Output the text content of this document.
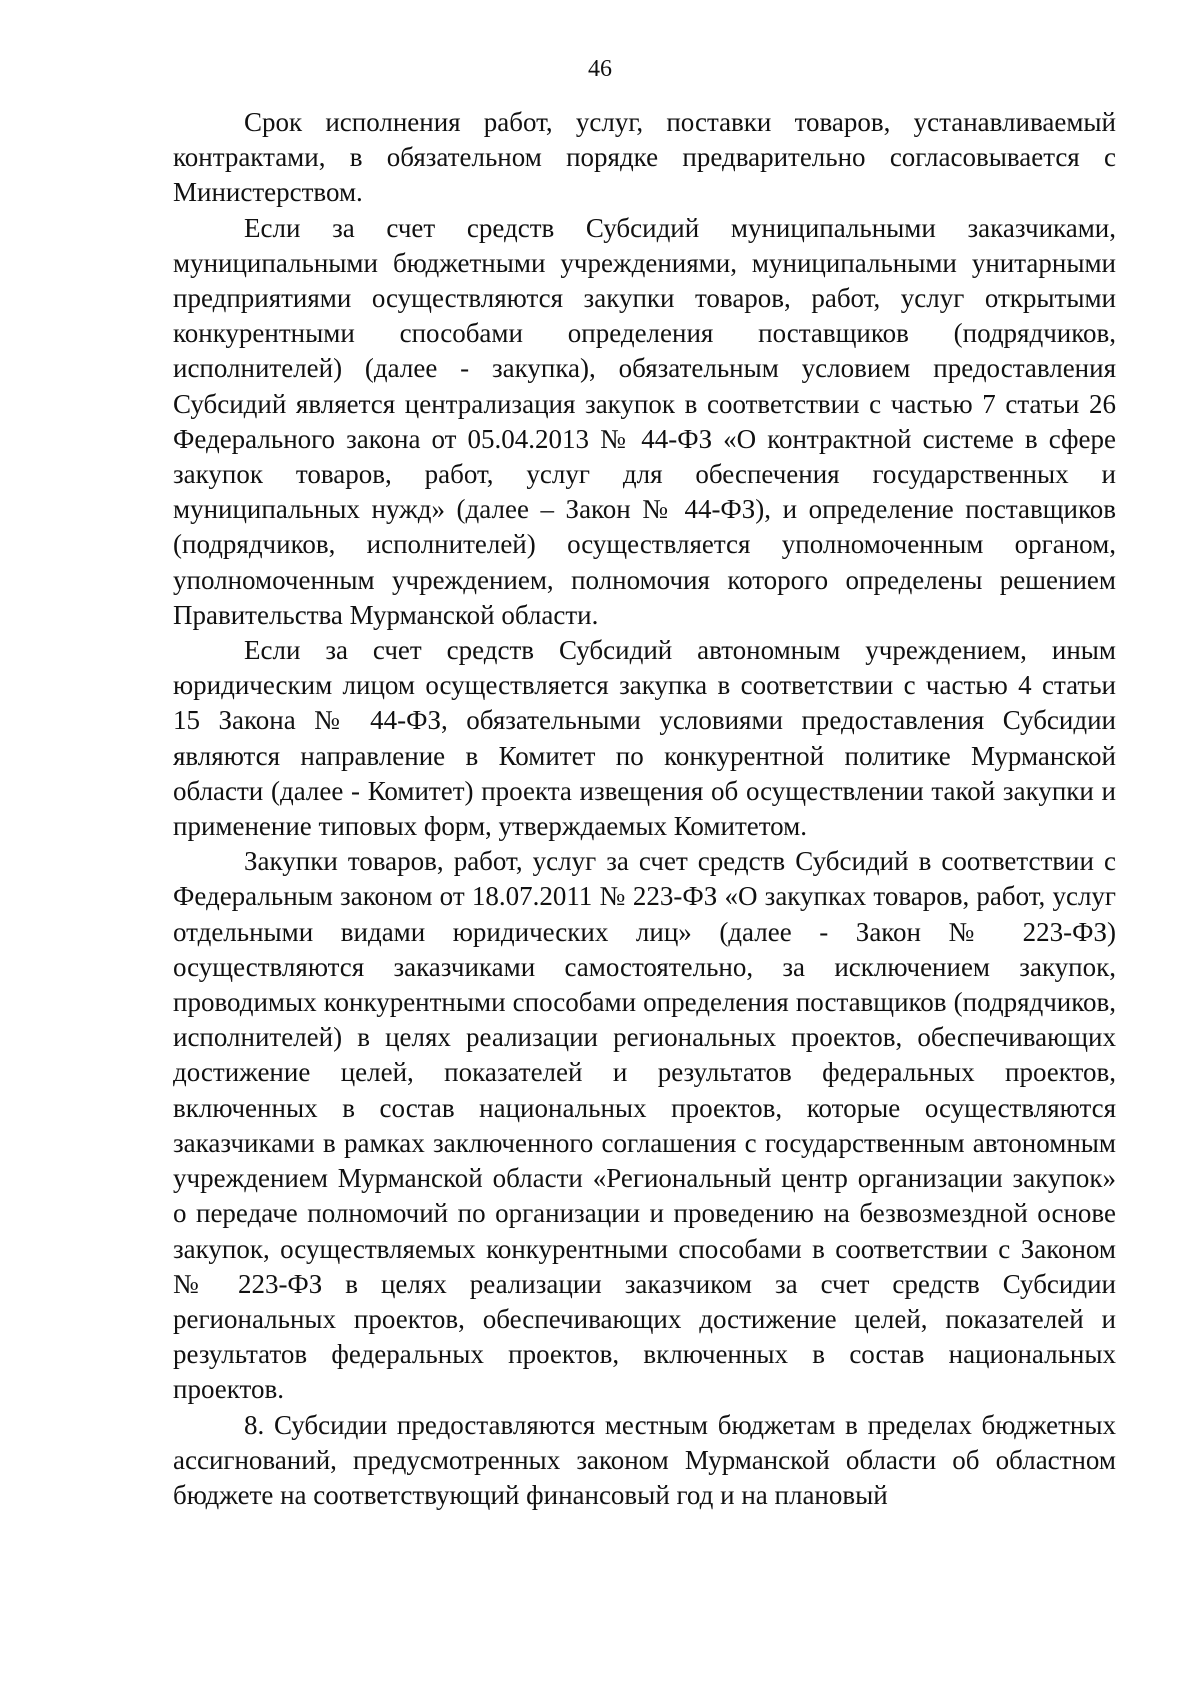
46

Срок исполнения работ, услуг, поставки товаров, устанавливаемый контрактами, в обязательном порядке предварительно согласовывается с Министерством.

Если за счет средств Субсидий муниципальными заказчиками, муниципальными бюджетными учреждениями, муниципальными унитарными предприятиями осуществляются закупки товаров, работ, услуг открытыми конкурентными способами определения поставщиков (подрядчиков, исполнителей) (далее - закупка), обязательным условием предоставления Субсидий является централизация закупок в соответствии с частью 7 статьи 26 Федерального закона от 05.04.2013 № 44-ФЗ «О контрактной системе в сфере закупок товаров, работ, услуг для обеспечения государственных и муниципальных нужд» (далее – Закон № 44-ФЗ), и определение поставщиков (подрядчиков, исполнителей) осуществляется уполномоченным органом, уполномоченным учреждением, полномочия которого определены решением Правительства Мурманской области.

Если за счет средств Субсидий автономным учреждением, иным юридическим лицом осуществляется закупка в соответствии с частью 4 статьи 15 Закона № 44-ФЗ, обязательными условиями предоставления Субсидии являются направление в Комитет по конкурентной политике Мурманской области (далее - Комитет) проекта извещения об осуществлении такой закупки и применение типовых форм, утверждаемых Комитетом.

Закупки товаров, работ, услуг за счет средств Субсидий в соответствии с Федеральным законом от 18.07.2011 № 223-ФЗ «О закупках товаров, работ, услуг отдельными видами юридических лиц» (далее - Закон № 223-ФЗ) осуществляются заказчиками самостоятельно, за исключением закупок, проводимых конкурентными способами определения поставщиков (подрядчиков, исполнителей) в целях реализации региональных проектов, обеспечивающих достижение целей, показателей и результатов федеральных проектов, включенных в состав национальных проектов, которые осуществляются заказчиками в рамках заключенного соглашения с государственным автономным учреждением Мурманской области «Региональный центр организации закупок» о передаче полномочий по организации и проведению на безвозмездной основе закупок, осуществляемых конкурентными способами в соответствии с Законом № 223-ФЗ в целях реализации заказчиком за счет средств Субсидии региональных проектов, обеспечивающих достижение целей, показателей и результатов федеральных проектов, включенных в состав национальных проектов.

8. Субсидии предоставляются местным бюджетам в пределах бюджетных ассигнований, предусмотренных законом Мурманской области об областном бюджете на соответствующий финансовый год и на плановый
